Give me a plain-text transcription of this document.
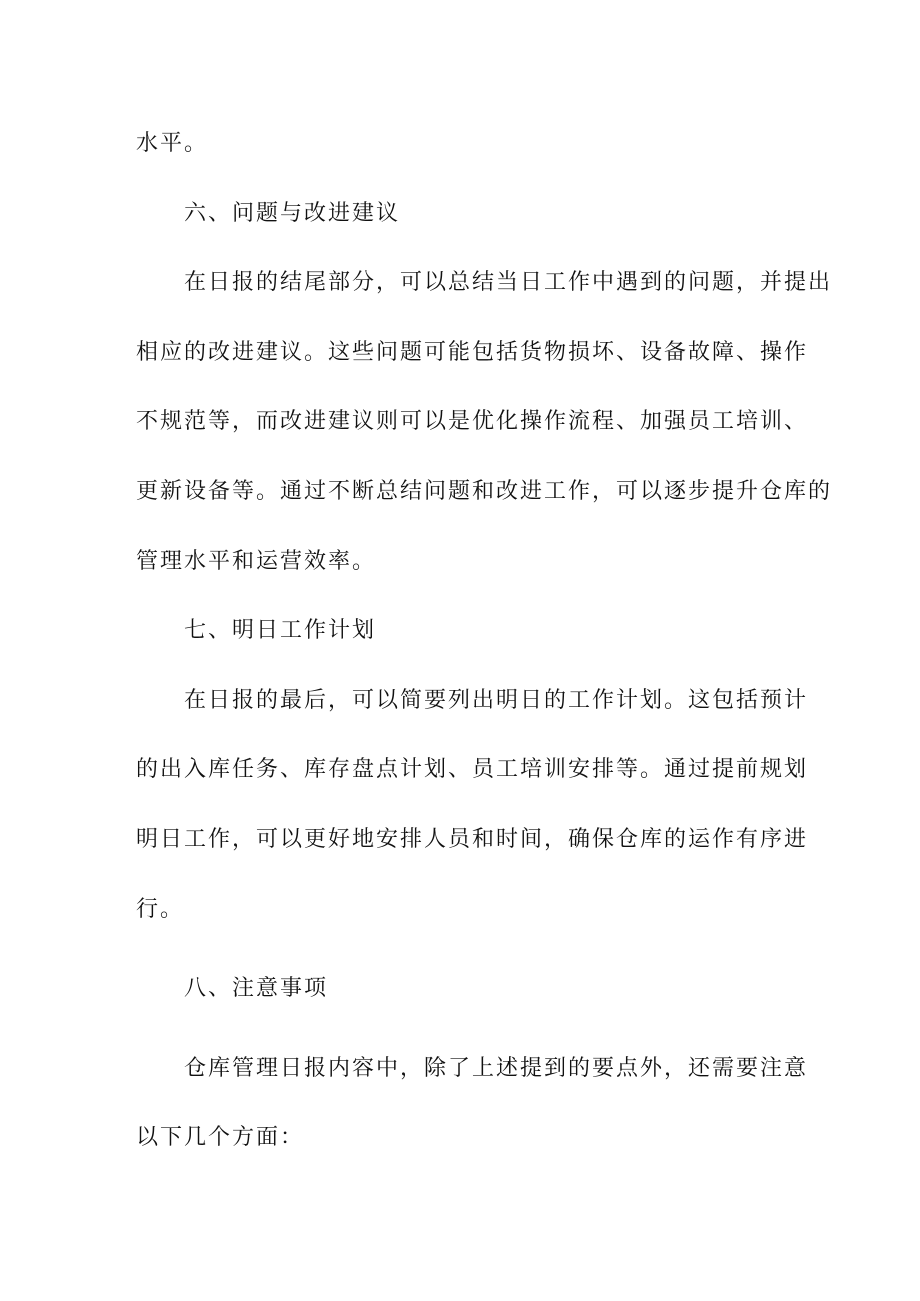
水平。

六、问题与改进建议

在日报的结尾部分，可以总结当日工作中遇到的问题，并提出
相应的改进建议。这些问题可能包括货物损坏、设备故障、操作
不规范等，而改进建议则可以是优化操作流程、加强员工培训、
更新设备等。通过不断总结问题和改进工作，可以逐步提升仓库的
管理水平和运营效率。

七、明日工作计划

在日报的最后，可以简要列出明日的工作计划。这包括预计
的出入库任务、库存盘点计划、员工培训安排等。通过提前规划
明日工作，可以更好地安排人员和时间，确保仓库的运作有序进
行。

八、注意事项

仓库管理日报内容中，除了上述提到的要点外，还需要注意
以下几个方面：
